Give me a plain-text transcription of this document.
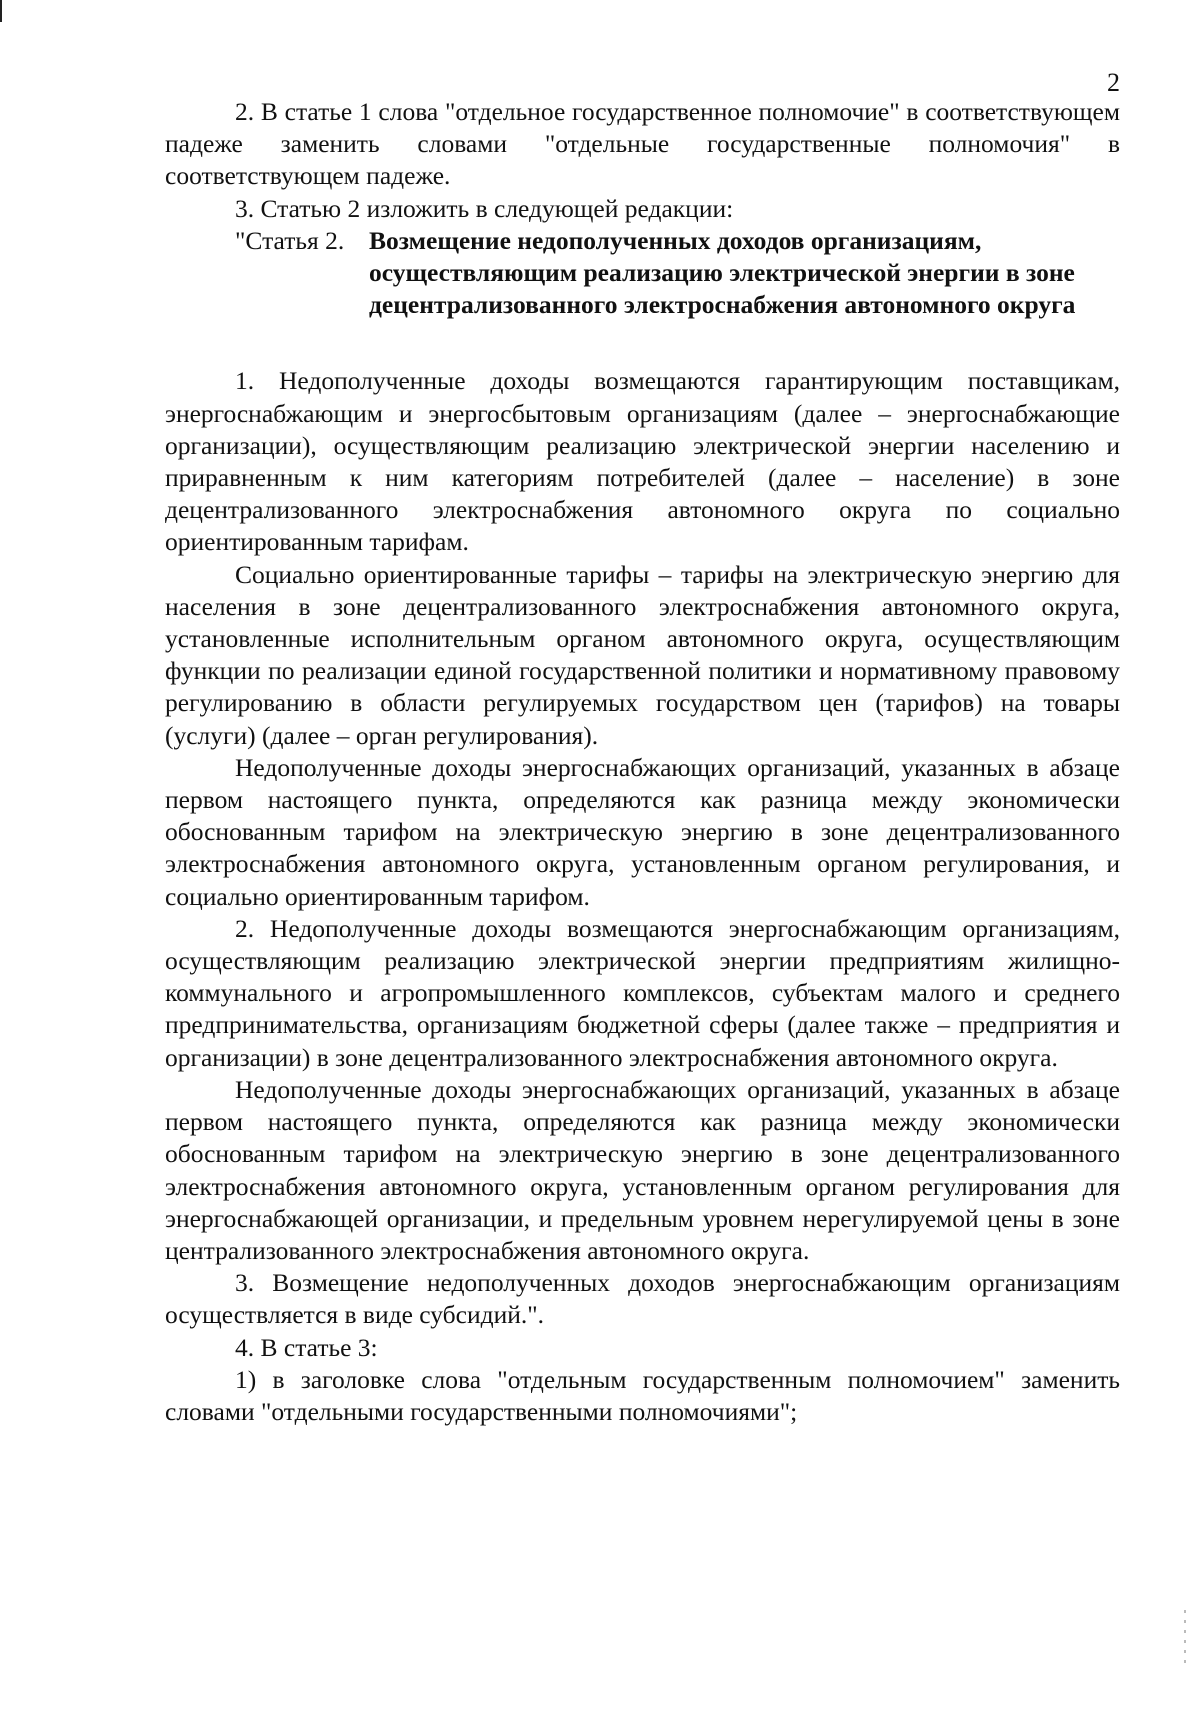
2

2. В статье 1 слова "отдельное государственное полномочие" в соответствующем падеже заменить словами "отдельные государственные полномочия" в соответствующем падеже.

3. Статью 2 изложить в следующей редакции:

"Статья 2. Возмещение недополученных доходов организациям, осуществляющим реализацию электрической энергии в зоне децентрализованного электроснабжения автономного округа

1. Недополученные доходы возмещаются гарантирующим поставщикам, энергоснабжающим и энергосбытовым организациям (далее – энергоснабжающие организации), осуществляющим реализацию электрической энергии населению и приравненным к ним категориям потребителей (далее – население) в зоне децентрализованного электроснабжения автономного округа по социально ориентированным тарифам.

Социально ориентированные тарифы – тарифы на электрическую энергию для населения в зоне децентрализованного электроснабжения автономного округа, установленные исполнительным органом автономного округа, осуществляющим функции по реализации единой государственной политики и нормативному правовому регулированию в области регулируемых государством цен (тарифов) на товары (услуги) (далее – орган регулирования).

Недополученные доходы энергоснабжающих организаций, указанных в абзаце первом настоящего пункта, определяются как разница между экономически обоснованным тарифом на электрическую энергию в зоне децентрализованного электроснабжения автономного округа, установленным органом регулирования, и социально ориентированным тарифом.

2. Недополученные доходы возмещаются энергоснабжающим организациям, осуществляющим реализацию электрической энергии предприятиям жилищно-коммунального и агропромышленного комплексов, субъектам малого и среднего предпринимательства, организациям бюджетной сферы (далее также – предприятия и организации) в зоне децентрализованного электроснабжения автономного округа.

Недополученные доходы энергоснабжающих организаций, указанных в абзаце первом настоящего пункта, определяются как разница между экономически обоснованным тарифом на электрическую энергию в зоне децентрализованного электроснабжения автономного округа, установленным органом регулирования для энергоснабжающей организации, и предельным уровнем нерегулируемой цены в зоне централизованного электроснабжения автономного округа.

3. Возмещение недополученных доходов энергоснабжающим организациям осуществляется в виде субсидий.".

4. В статье 3:

1) в заголовке слова "отдельным государственным полномочием" заменить словами "отдельными государственными полномочиями";
